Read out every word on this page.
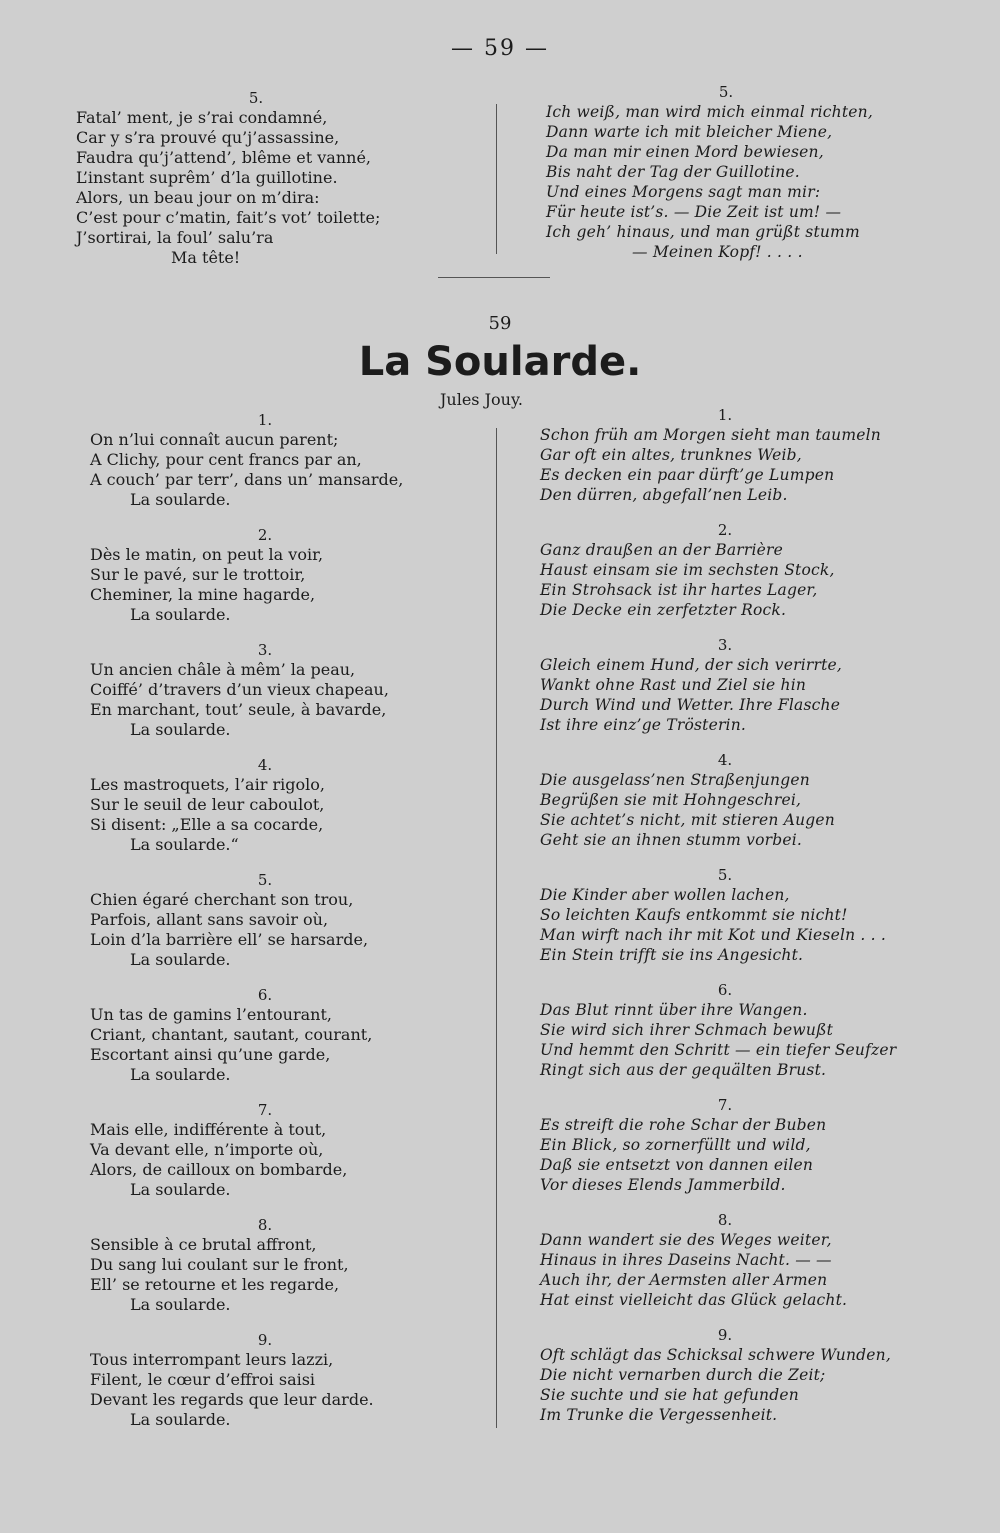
— 59 —
5.
Fatal’ ment, je s’rai condamné,
Car y s’ra prouvé qu’j’assassine,
Faudra qu’j’attend’, blême et vanné,
L’instant suprêm’ d’la guillotine.
Alors, un beau jour on m’dira:
C’est pour c’matin, fait’s vot’ toilette;
J’sortirai, la foul’ salu’ra
Ma tête!
5.
Ich weiß, man wird mich einmal richten,
Dann warte ich mit bleicher Miene,
Da man mir einen Mord bewiesen,
Bis naht der Tag der Guillotine.
Und eines Morgens sagt man mir:
Für heute ist’s. — Die Zeit ist um! —
Ich geh’ hinaus, und man grüßt stumm
— Meinen Kopf! . . . .
59
La Soularde.
Jules Jouy.
1.
On n’lui connaît aucun parent;
A Clichy, pour cent francs par an,
A couch’ par terr’, dans un’ mansarde,
La soularde.
2.
Dès le matin, on peut la voir,
Sur le pavé, sur le trottoir,
Cheminer, la mine hagarde,
La soularde.
3.
Un ancien châle à mêm’ la peau,
Coiffé’ d’travers d’un vieux chapeau,
En marchant, tout’ seule, à bavarde,
La soularde.
4.
Les mastroquets, l’air rigolo,
Sur le seuil de leur caboulot,
Si disent: „Elle a sa cocarde,
La soularde.“
5.
Chien égaré cherchant son trou,
Parfois, allant sans savoir où,
Loin d’la barrière ell’ se harsarde,
La soularde.
6.
Un tas de gamins l’entourant,
Criant, chantant, sautant, courant,
Escortant ainsi qu’une garde,
La soularde.
7.
Mais elle, indifférente à tout,
Va devant elle, n’importe où,
Alors, de cailloux on bombarde,
La soularde.
8.
Sensible à ce brutal affront,
Du sang lui coulant sur le front,
Ell’ se retourne et les regarde,
La soularde.
9.
Tous interrompant leurs lazzi,
Filent, le cœur d’effroi saisi
Devant les regards que leur darde.
La soularde.
1.
Schon früh am Morgen sieht man taumeln
Gar oft ein altes, trunknes Weib,
Es decken ein paar dürft’ge Lumpen
Den dürren, abgefall’nen Leib.
2.
Ganz draußen an der Barrière
Haust einsam sie im sechsten Stock,
Ein Strohsack ist ihr hartes Lager,
Die Decke ein zerfetzter Rock.
3.
Gleich einem Hund, der sich verirrte,
Wankt ohne Rast und Ziel sie hin
Durch Wind und Wetter. Ihre Flasche
Ist ihre einz’ge Trösterin.
4.
Die ausgelass’nen Straßenjungen
Begrüßen sie mit Hohngeschrei,
Sie achtet’s nicht, mit stieren Augen
Geht sie an ihnen stumm vorbei.
5.
Die Kinder aber wollen lachen,
So leichten Kaufs entkommt sie nicht!
Man wirft nach ihr mit Kot und Kieseln . . .
Ein Stein trifft sie ins Angesicht.
6.
Das Blut rinnt über ihre Wangen.
Sie wird sich ihrer Schmach bewußt
Und hemmt den Schritt — ein tiefer Seufzer
Ringt sich aus der gequälten Brust.
7.
Es streift die rohe Schar der Buben
Ein Blick, so zornerfüllt und wild,
Daß sie entsetzt von dannen eilen
Vor dieses Elends Jammerbild.
8.
Dann wandert sie des Weges weiter,
Hinaus in ihres Daseins Nacht. — —
Auch ihr, der Aermsten aller Armen
Hat einst vielleicht das Glück gelacht.
9.
Oft schlägt das Schicksal schwere Wunden,
Die nicht vernarben durch die Zeit;
Sie suchte und sie hat gefunden
Im Trunke die Vergessenheit.
